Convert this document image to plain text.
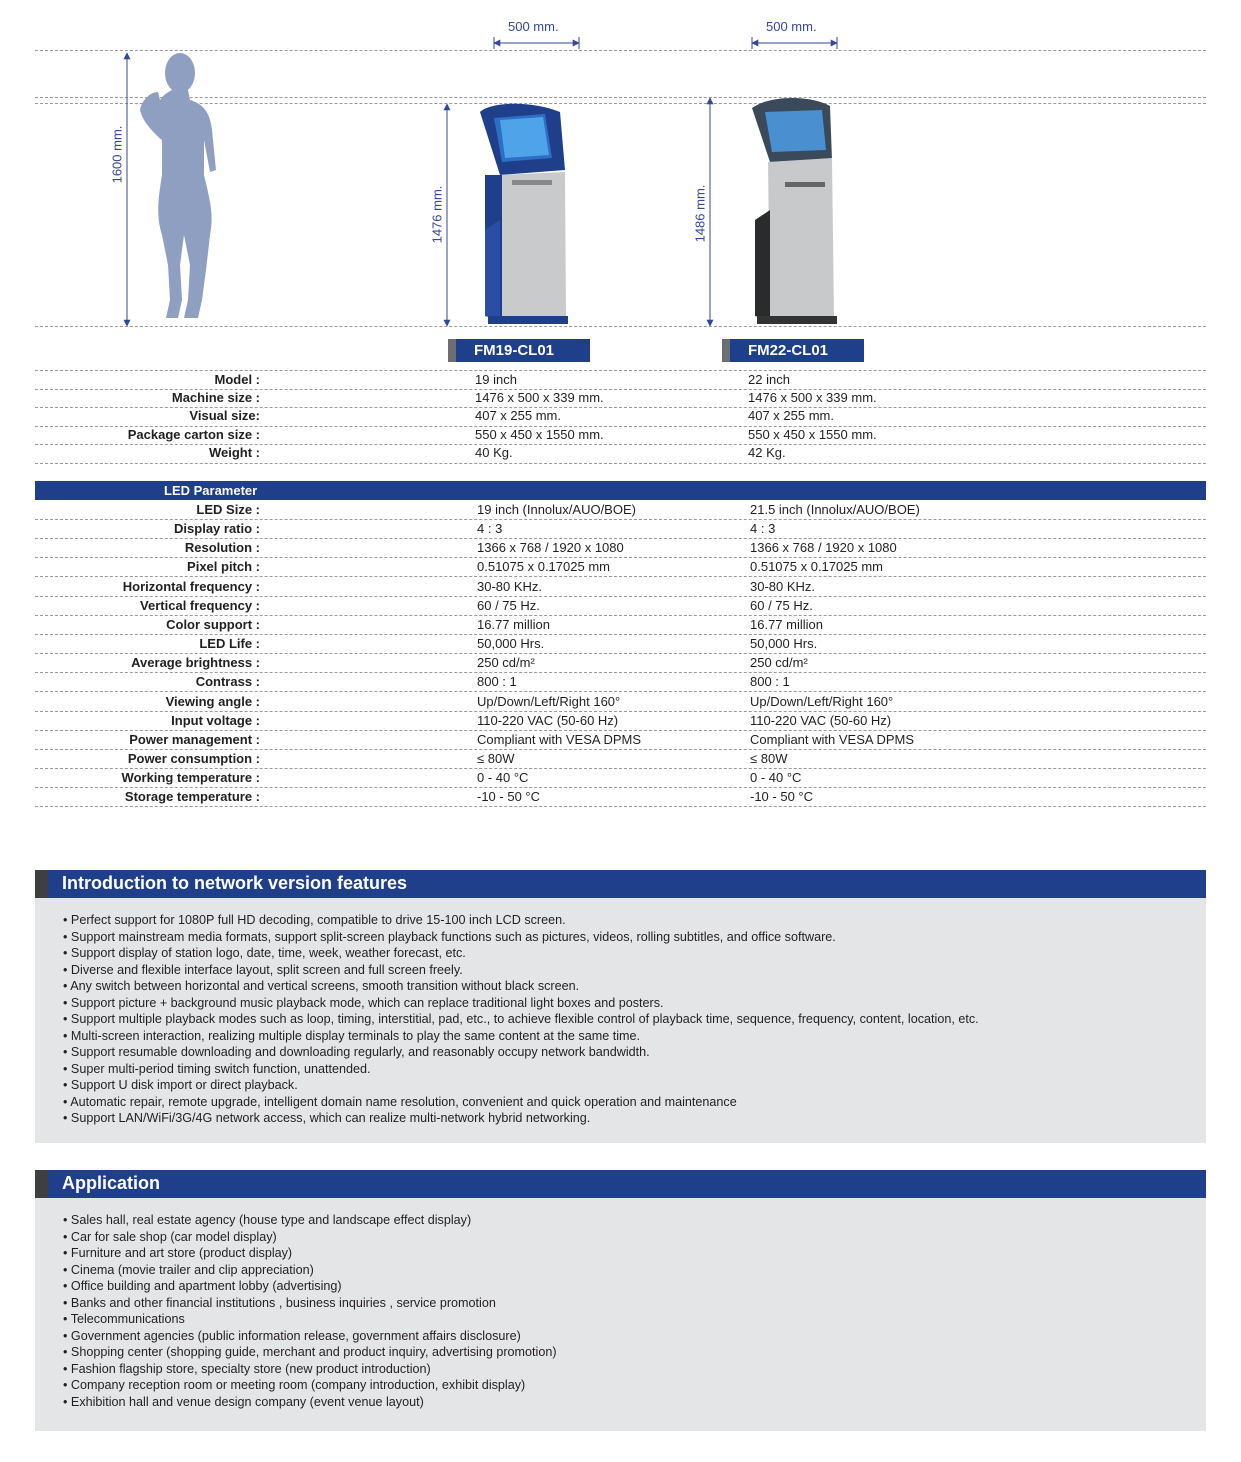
500 mm.	500 mm.
1600 mm.
1476 mm.	1486 mm.
FM19-CL01	FM22-CL01
Model :	19 inch	22 inch
Machine size :	1476 x 500 x 339 mm.	1476 x 500 x 339 mm.
Visual size:	407 x 255 mm.	407 x 255 mm.
Package carton size :	550 x 450 x 1550 mm.	550 x 450 x 1550 mm.
Weight :	40 Kg.	42 Kg.
LED Parameter
LED Size :	19 inch (Innolux/AUO/BOE)	21.5 inch (Innolux/AUO/BOE)
Display ratio :	4 : 3	4 : 3
Resolution :	1366 x 768 / 1920 x 1080	1366 x 768 / 1920 x 1080
Pixel pitch :	0.51075 x 0.17025 mm	0.51075 x 0.17025 mm
Horizontal frequency :	30-80 KHz.	30-80 KHz.
Vertical frequency :	60 / 75 Hz.	60 / 75 Hz.
Color support :	16.77 million	16.77 million
LED Life :	50,000 Hrs.	50,000 Hrs.
Average brightness :	250 cd/m²	250 cd/m²
Contrass :	800 : 1	800 : 1
Viewing angle :	Up/Down/Left/Right 160°	Up/Down/Left/Right 160°
Input voltage :	110-220 VAC (50-60 Hz)	110-220 VAC (50-60 Hz)
Power management :	Compliant with VESA DPMS	Compliant with VESA DPMS
Power consumption :	≤ 80W	≤ 80W
Working temperature :	0 - 40 °C	0 - 40 °C
Storage temperature :	-10 - 50 °C	-10 - 50 °C
Introduction to network version features
• Perfect support for 1080P full HD decoding, compatible to drive 15-100 inch LCD screen.
• Support mainstream media formats, support split-screen playback functions such as pictures, videos, rolling subtitles, and office software.
• Support display of station logo, date, time, week, weather forecast, etc.
• Diverse and flexible interface layout, split screen and full screen freely.
• Any switch between horizontal and vertical screens, smooth transition without black screen.
• Support picture + background music playback mode, which can replace traditional light boxes and posters.
• Support multiple playback modes such as loop, timing, interstitial, pad, etc., to achieve flexible control of playback time, sequence, frequency, content, location, etc.
• Multi-screen interaction, realizing multiple display terminals to play the same content at the same time.
• Support resumable downloading and downloading regularly, and reasonably occupy network bandwidth.
• Super multi-period timing switch function, unattended.
• Support U disk import or direct playback.
• Automatic repair, remote upgrade, intelligent domain name resolution, convenient and quick operation and maintenance
• Support LAN/WiFi/3G/4G network access, which can realize multi-network hybrid networking.
Application
• Sales hall, real estate agency (house type and landscape effect display)
• Car for sale shop (car model display)
• Furniture and art store (product display)
• Cinema (movie trailer and clip appreciation)
• Office building and apartment lobby (advertising)
• Banks and other financial institutions , business inquiries , service promotion
• Telecommunications
• Government agencies (public information release, government affairs disclosure)
• Shopping center (shopping guide, merchant and product inquiry, advertising promotion)
• Fashion flagship store, specialty store (new product introduction)
• Company reception room or meeting room (company introduction, exhibit display)
• Exhibition hall and venue design company (event venue layout)
